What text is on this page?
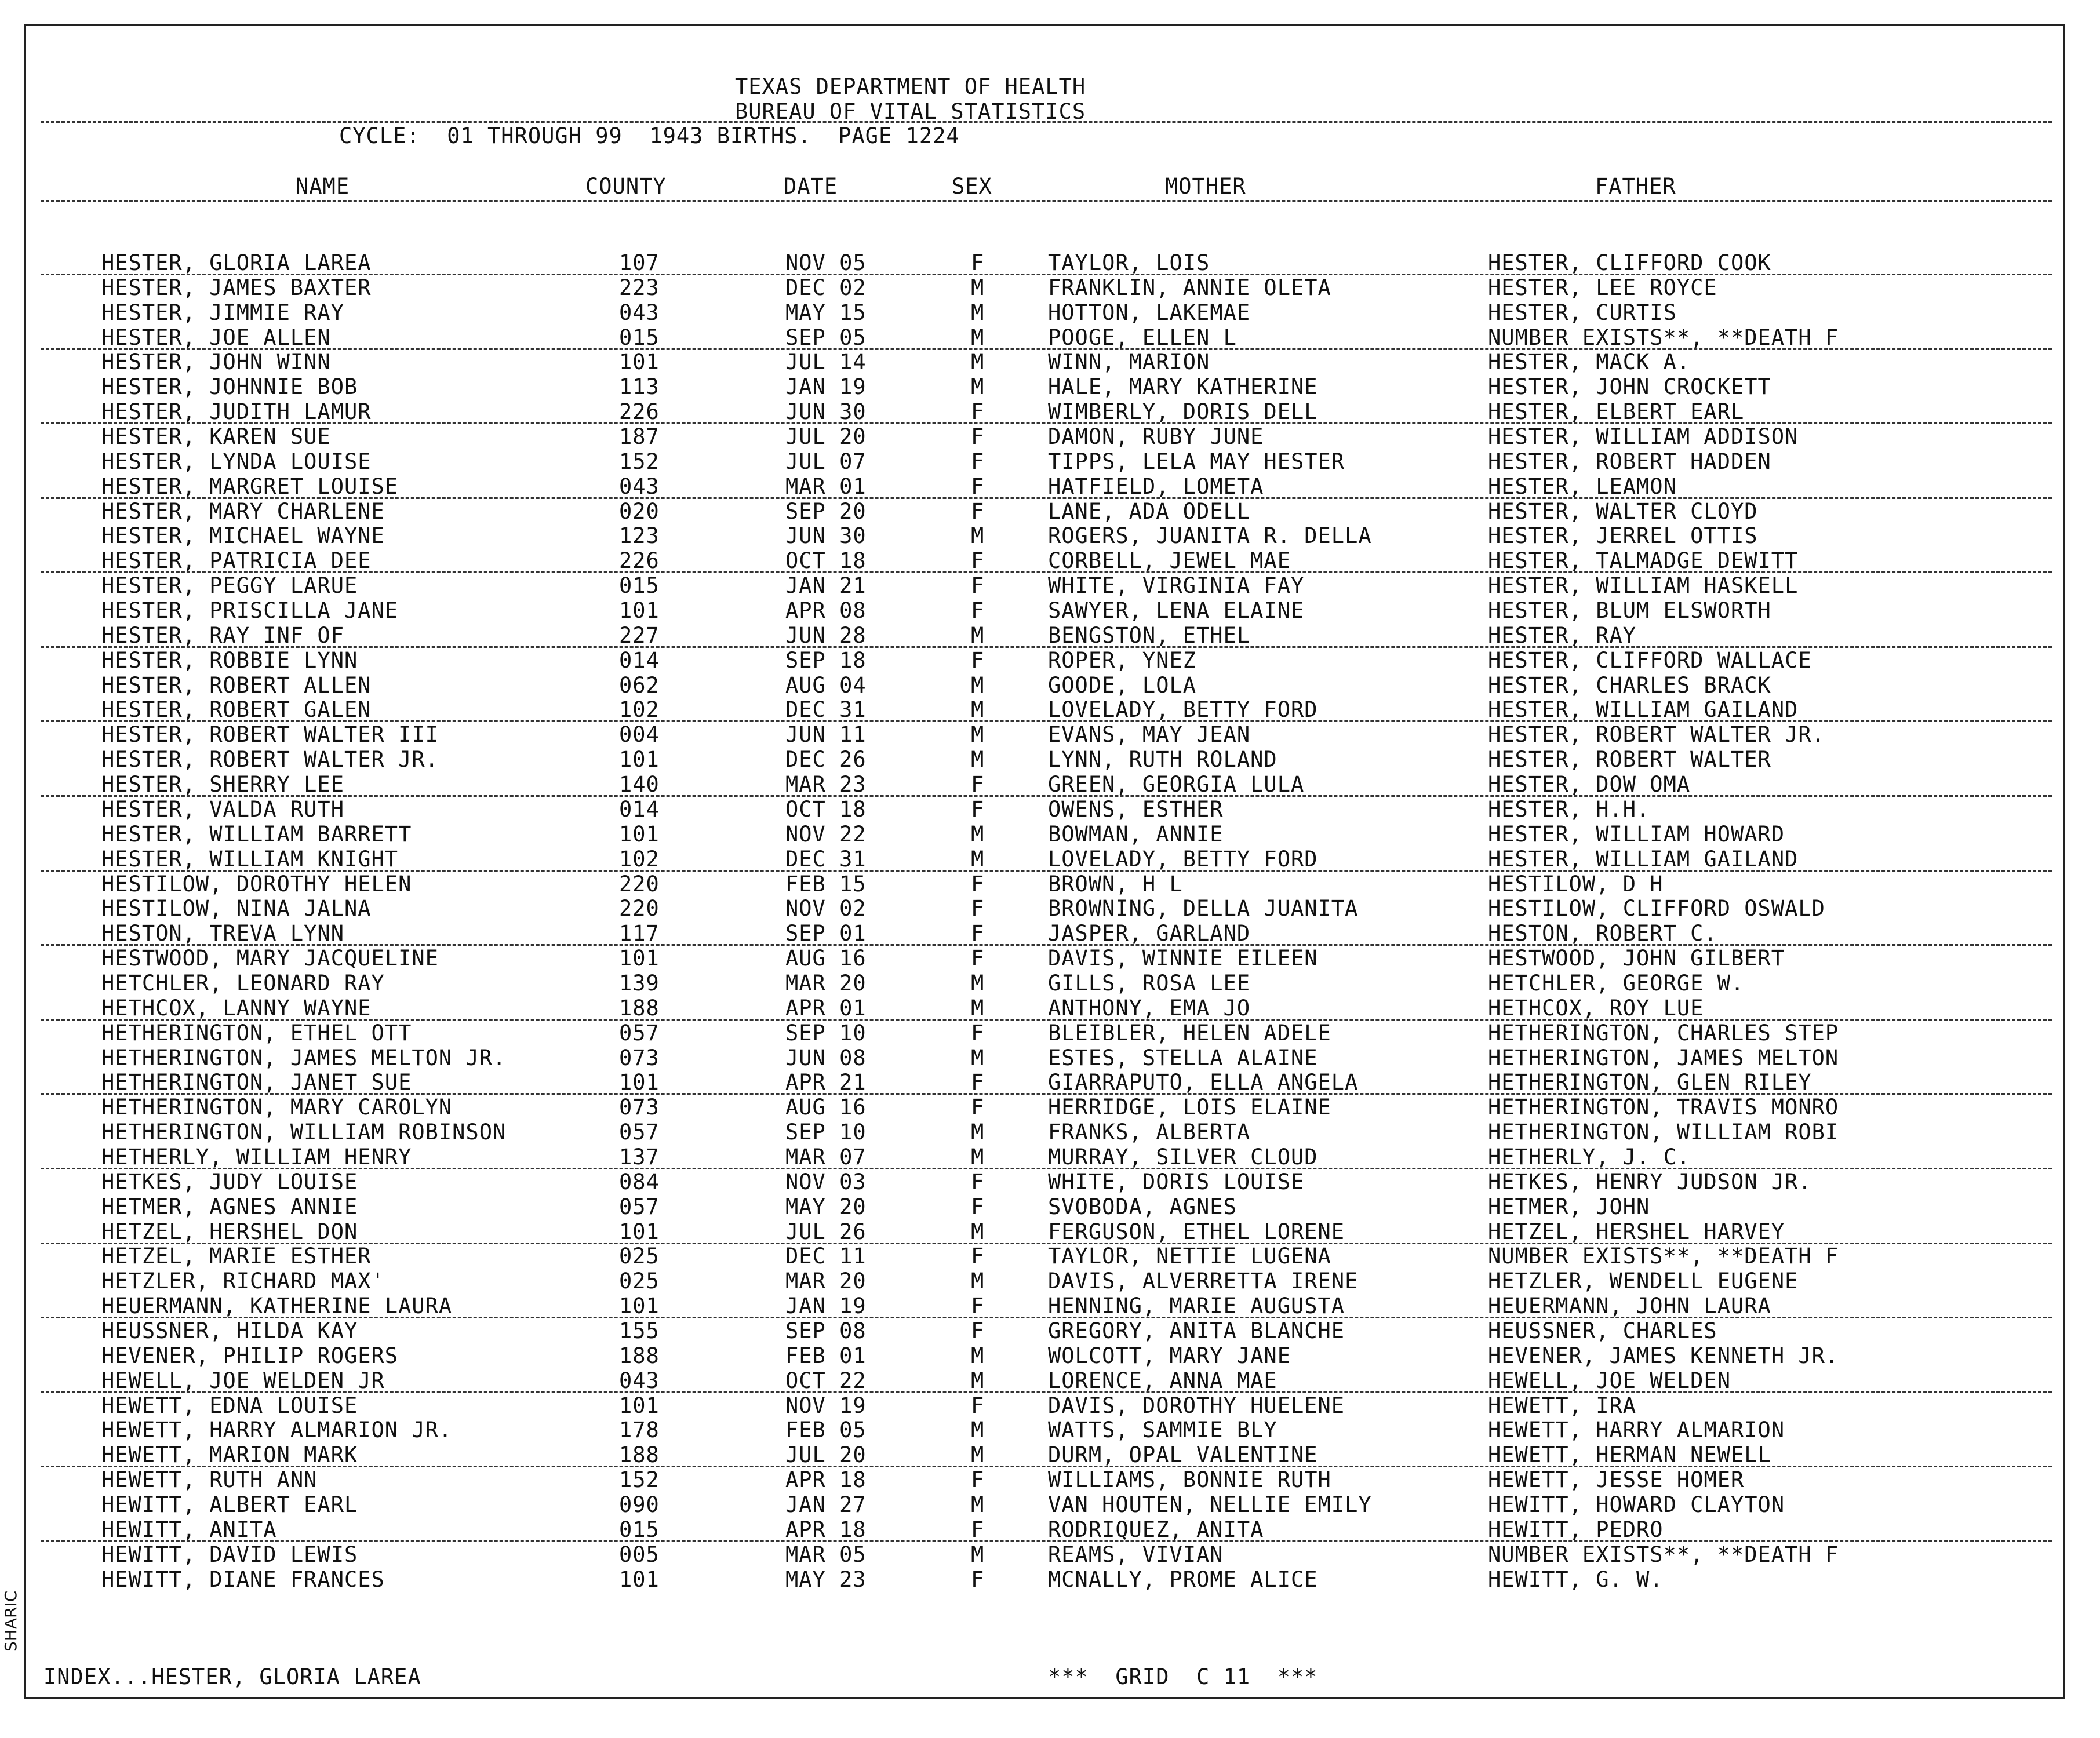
SHARIC
TEXAS DEPARTMENT OF HEALTH
BUREAU OF VITAL STATISTICS
CYCLE:  01 THROUGH 99  1943 BIRTHS.  PAGE 1224
NAME	COUNTY	DATE	SEX	MOTHER	FATHER
HESTER, GLORIA LAREA	107	NOV 05	F	TAYLOR, LOIS	HESTER, CLIFFORD COOK
HESTER, JAMES BAXTER	223	DEC 02	M	FRANKLIN, ANNIE OLETA	HESTER, LEE ROYCE
HESTER, JIMMIE RAY	043	MAY 15	M	HOTTON, LAKEMAE	HESTER, CURTIS
HESTER, JOE ALLEN	015	SEP 05	M	POOGE, ELLEN L	NUMBER EXISTS**, **DEATH F
HESTER, JOHN WINN	101	JUL 14	M	WINN, MARION	HESTER, MACK A.
HESTER, JOHNNIE BOB	113	JAN 19	M	HALE, MARY KATHERINE	HESTER, JOHN CROCKETT
HESTER, JUDITH LAMUR	226	JUN 30	F	WIMBERLY, DORIS DELL	HESTER, ELBERT EARL
HESTER, KAREN SUE	187	JUL 20	F	DAMON, RUBY JUNE	HESTER, WILLIAM ADDISON
HESTER, LYNDA LOUISE	152	JUL 07	F	TIPPS, LELA MAY HESTER	HESTER, ROBERT HADDEN
HESTER, MARGRET LOUISE	043	MAR 01	F	HATFIELD, LOMETA	HESTER, LEAMON
HESTER, MARY CHARLENE	020	SEP 20	F	LANE, ADA ODELL	HESTER, WALTER CLOYD
HESTER, MICHAEL WAYNE	123	JUN 30	M	ROGERS, JUANITA R. DELLA	HESTER, JERREL OTTIS
HESTER, PATRICIA DEE	226	OCT 18	F	CORBELL, JEWEL MAE	HESTER, TALMADGE DEWITT
HESTER, PEGGY LARUE	015	JAN 21	F	WHITE, VIRGINIA FAY	HESTER, WILLIAM HASKELL
HESTER, PRISCILLA JANE	101	APR 08	F	SAWYER, LENA ELAINE	HESTER, BLUM ELSWORTH
HESTER, RAY INF OF	227	JUN 28	M	BENGSTON, ETHEL	HESTER, RAY
HESTER, ROBBIE LYNN	014	SEP 18	F	ROPER, YNEZ	HESTER, CLIFFORD WALLACE
HESTER, ROBERT ALLEN	062	AUG 04	M	GOODE, LOLA	HESTER, CHARLES BRACK
HESTER, ROBERT GALEN	102	DEC 31	M	LOVELADY, BETTY FORD	HESTER, WILLIAM GAILAND
HESTER, ROBERT WALTER III	004	JUN 11	M	EVANS, MAY JEAN	HESTER, ROBERT WALTER JR.
HESTER, ROBERT WALTER JR.	101	DEC 26	M	LYNN, RUTH ROLAND	HESTER, ROBERT WALTER
HESTER, SHERRY LEE	140	MAR 23	F	GREEN, GEORGIA LULA	HESTER, DOW OMA
HESTER, VALDA RUTH	014	OCT 18	F	OWENS, ESTHER	HESTER, H.H.
HESTER, WILLIAM BARRETT	101	NOV 22	M	BOWMAN, ANNIE	HESTER, WILLIAM HOWARD
HESTER, WILLIAM KNIGHT	102	DEC 31	M	LOVELADY, BETTY FORD	HESTER, WILLIAM GAILAND
HESTILOW, DOROTHY HELEN	220	FEB 15	F	BROWN, H L	HESTILOW, D H
HESTILOW, NINA JALNA	220	NOV 02	F	BROWNING, DELLA JUANITA	HESTILOW, CLIFFORD OSWALD
HESTON, TREVA LYNN	117	SEP 01	F	JASPER, GARLAND	HESTON, ROBERT C.
HESTWOOD, MARY JACQUELINE	101	AUG 16	F	DAVIS, WINNIE EILEEN	HESTWOOD, JOHN GILBERT
HETCHLER, LEONARD RAY	139	MAR 20	M	GILLS, ROSA LEE	HETCHLER, GEORGE W.
HETHCOX, LANNY WAYNE	188	APR 01	M	ANTHONY, EMA JO	HETHCOX, ROY LUE
HETHERINGTON, ETHEL OTT	057	SEP 10	F	BLEIBLER, HELEN ADELE	HETHERINGTON, CHARLES STEP
HETHERINGTON, JAMES MELTON JR.	073	JUN 08	M	ESTES, STELLA ALAINE	HETHERINGTON, JAMES MELTON
HETHERINGTON, JANET SUE	101	APR 21	F	GIARRAPUTO, ELLA ANGELA	HETHERINGTON, GLEN RILEY
HETHERINGTON, MARY CAROLYN	073	AUG 16	F	HERRIDGE, LOIS ELAINE	HETHERINGTON, TRAVIS MONRO
HETHERINGTON, WILLIAM ROBINSON	057	SEP 10	M	FRANKS, ALBERTA	HETHERINGTON, WILLIAM ROBI
HETHERLY, WILLIAM HENRY	137	MAR 07	M	MURRAY, SILVER CLOUD	HETHERLY, J. C.
HETKES, JUDY LOUISE	084	NOV 03	F	WHITE, DORIS LOUISE	HETKES, HENRY JUDSON JR.
HETMER, AGNES ANNIE	057	MAY 20	F	SVOBODA, AGNES	HETMER, JOHN
HETZEL, HERSHEL DON	101	JUL 26	M	FERGUSON, ETHEL LORENE	HETZEL, HERSHEL HARVEY
HETZEL, MARIE ESTHER	025	DEC 11	F	TAYLOR, NETTIE LUGENA	NUMBER EXISTS**, **DEATH F
HETZLER, RICHARD MAX'	025	MAR 20	M	DAVIS, ALVERRETTA IRENE	HETZLER, WENDELL EUGENE
HEUERMANN, KATHERINE LAURA	101	JAN 19	F	HENNING, MARIE AUGUSTA	HEUERMANN, JOHN LAURA
HEUSSNER, HILDA KAY	155	SEP 08	F	GREGORY, ANITA BLANCHE	HEUSSNER, CHARLES
HEVENER, PHILIP ROGERS	188	FEB 01	M	WOLCOTT, MARY JANE	HEVENER, JAMES KENNETH JR.
HEWELL, JOE WELDEN JR	043	OCT 22	M	LORENCE, ANNA MAE	HEWELL, JOE WELDEN
HEWETT, EDNA LOUISE	101	NOV 19	F	DAVIS, DOROTHY HUELENE	HEWETT, IRA
HEWETT, HARRY ALMARION JR.	178	FEB 05	M	WATTS, SAMMIE BLY	HEWETT, HARRY ALMARION
HEWETT, MARION MARK	188	JUL 20	M	DURM, OPAL VALENTINE	HEWETT, HERMAN NEWELL
HEWETT, RUTH ANN	152	APR 18	F	WILLIAMS, BONNIE RUTH	HEWETT, JESSE HOMER
HEWITT, ALBERT EARL	090	JAN 27	M	VAN HOUTEN, NELLIE EMILY	HEWITT, HOWARD CLAYTON
HEWITT, ANITA	015	APR 18	F	RODRIQUEZ, ANITA	HEWITT, PEDRO
HEWITT, DAVID LEWIS	005	MAR 05	M	REAMS, VIVIAN	NUMBER EXISTS**, **DEATH F
HEWITT, DIANE FRANCES	101	MAY 23	F	MCNALLY, PROME ALICE	HEWITT, G. W.
INDEX...HESTER, GLORIA LAREA	***  GRID  C 11  ***
